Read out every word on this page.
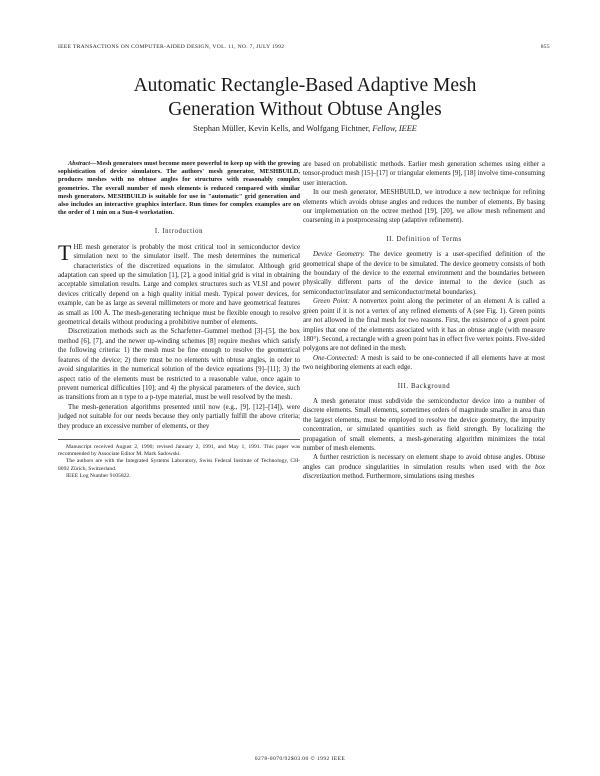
IEEE TRANSACTIONS ON COMPUTER-AIDED DESIGN, VOL. 11, NO. 7, JULY 1992	855
Automatic Rectangle-Based Adaptive Mesh
Generation Without Obtuse Angles
Stephan Müller, Kevin Kells, and Wolfgang Fichtner, Fellow, IEEE

Abstract—Mesh generators must become more powerful to keep up with the growing sophistication of device simulators. The authors' mesh generator, MESHBUILD, produces meshes with no obtuse angles for structures with reasonably complex geometries. The overall number of mesh elements is reduced compared with similar mesh generators. MESHBUILD is suitable for use in "automatic" grid generation and also includes an interactive graphics interface. Run times for complex examples are on the order of 1 min on a Sun-4 workstation.

I. Introduction

THE mesh generator is probably the most critical tool in semiconductor device simulation next to the simulator itself. The mesh determines the numerical characteristics of the discretized equations in the simulator. Although grid adaptation can speed up the simulation [1], [2], a good initial grid is vital in obtaining acceptable simulation results. Large and complex structures such as VLSI and power devices critically depend on a high quality initial mesh. Typical power devices, for example, can be as large as several millimeters or more and have geometrical features as small as 100 Å. The mesh-generating technique must be flexible enough to resolve geometrical details without producing a prohibitive number of elements.

Discretization methods such as the Scharfetter–Gummel method [3]–[5], the box method [6], [7], and the newer up-winding schemes [8] require meshes which satisfy the following criteria: 1) the mesh must be fine enough to resolve the geometrical features of the device; 2) there must be no elements with obtuse angles, in order to avoid singularities in the numerical solution of the device equations [9]–[11]; 3) the aspect ratio of the elements must be restricted to a reasonable value, once again to prevent numerical difficulties [10]; and 4) the physical parameters of the device, such as transitions from an n type to a p-type material, must be well resolved by the mesh.

The mesh-generation algorithms presented until now (e.g., [9], [12]–[14]), were judged not suitable for our needs because they only partially fulfill the above criteria; they produce an excessive number of elements, or they

Manuscript received August 2, 1990; revised January 2, 1991, and May 1, 1991. This paper was recommended by Associate Editor M. Mark Sadowski.

The authors are with the Integrated Systems Laboratory, Swiss Federal Institute of Technology, CH-8092 Zürich, Switzerland.

IEEE Log Number 9105822.

are based on probabilistic methods. Earlier mesh generation schemes using either a tensor-product mesh [15]–[17] or triangular elements [9], [18] involve time-consuming user interaction.

In our mesh generator, MESHBUILD, we introduce a new technique for refining elements which avoids obtuse angles and reduces the number of elements. By basing our implementation on the octree method [19], [20], we allow mesh refinement and coarsening in a postprocessing step (adaptive refinement).

II. Definition of Terms

Device Geometry. The device geometry is a user-specified definition of the geometrical shape of the device to be simulated. The device geometry consists of both the boundary of the device to the external environment and the boundaries between physically different parts of the device internal to the device (such as semiconductor/insulator and semiconductor/metal boundaries).

Green Point: A nonvertex point along the perimeter of an element A is called a green point if it is not a vertex of any refined elements of A (see Fig. 1). Green points are not allowed in the final mesh for two reasons. First, the existence of a green point implies that one of the elements associated with it has an obtuse angle (with measure 180°). Second, a rectangle with a green point has in effect five vertex points. Five-sided polygons are not defined in the mesh.

One-Connected: A mesh is said to be one-connected if all elements have at most two neighboring elements at each edge.

III. Background

A mesh generator must subdivide the semiconductor device into a number of discrete elements. Small elements, sometimes orders of magnitude smaller in area than the largest elements, must be employed to resolve the device geometry, the impurity concentration, or simulated quantities such as field strength. By localizing the propagation of small elements, a mesh-generating algorithm minimizes the total number of mesh elements.

A further restriction is necessary on element shape to avoid obtuse angles. Obtuse angles can produce singularities in simulation results when used with the box discretization method. Furthermore, simulations using meshes

0278-0070/92$03.00 © 1992 IEEE
